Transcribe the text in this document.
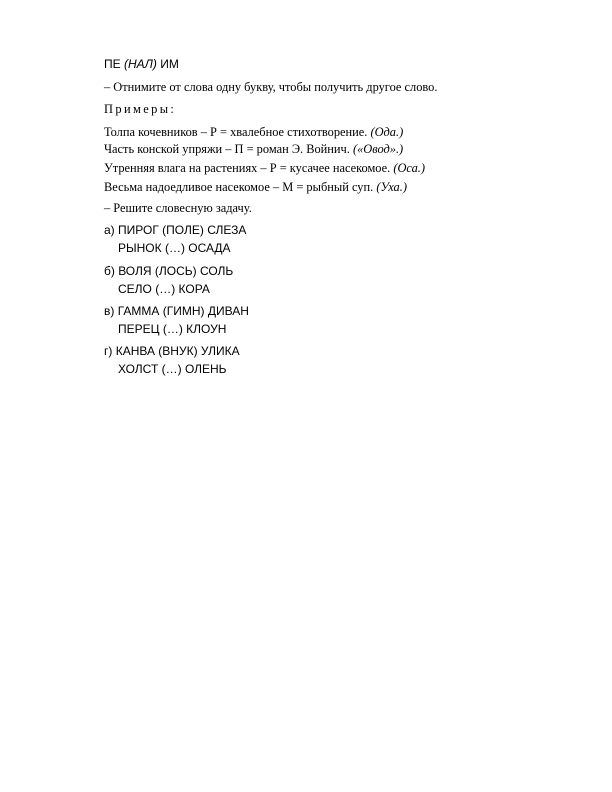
ПЕ (НАЛ) ИМ
– Отнимите от слова одну букву, чтобы получить другое слово.
Примеры:
Толпа кочевников – Р = хвалебное стихотворение. (Ода.)
Часть конской упряжи – П = роман Э. Войнич. («Овод».)
Утренняя влага на растениях – Р = кусачее насекомое. (Оса.)
Весьма надоедливое насекомое – М = рыбный суп. (Уха.)
– Решите словесную задачу.
а) ПИРОГ (ПОЛЕ) СЛЕЗА
РЫНОК (…) ОСАДА
б) ВОЛЯ (ЛОСЬ) СОЛЬ
СЕЛО (…) КОРА
в) ГАММА (ГИМН) ДИВАН
ПЕРЕЦ (…) КЛОУН
г) КАНВА (ВНУК) УЛИКА
ХОЛСТ (…) ОЛЕНЬ
